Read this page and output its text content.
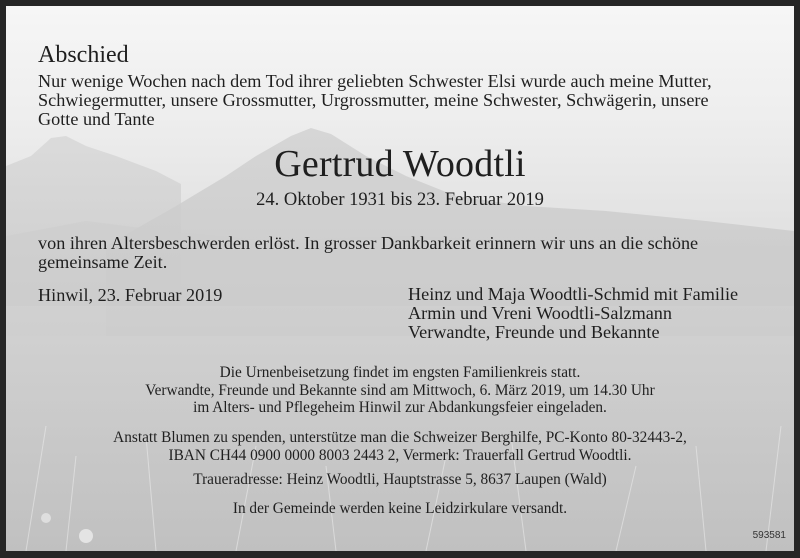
Abschied
Nur wenige Wochen nach dem Tod ihrer geliebten Schwester Elsi wurde auch meine Mutter,
Schwiegermutter, unsere Grossmutter, Urgrossmutter, meine Schwester, Schwägerin, unsere
Gotte und Tante
Gertrud Woodtli
24. Oktober 1931 bis 23. Februar 2019
von ihren Altersbeschwerden erlöst. In grosser Dankbarkeit erinnern wir uns an die schöne
gemeinsame Zeit.
Hinwil, 23. Februar 2019	Heinz und Maja Woodtli-Schmid mit Familie
Armin und Vreni Woodtli-Salzmann
Verwandte, Freunde und Bekannte
Die Urnenbeisetzung findet im engsten Familienkreis statt.
Verwandte, Freunde und Bekannte sind am Mittwoch, 6. März 2019, um 14.30 Uhr
im Alters- und Pflegeheim Hinwil zur Abdankungsfeier eingeladen.
Anstatt Blumen zu spenden, unterstütze man die Schweizer Berghilfe, PC-Konto 80-32443-2,
IBAN CH44 0900 0000 8003 2443 2, Vermerk: Trauerfall Gertrud Woodtli.
Traueradresse: Heinz Woodtli, Hauptstrasse 5, 8637 Laupen (Wald)
In der Gemeinde werden keine Leidzirkulare versandt.
593581
